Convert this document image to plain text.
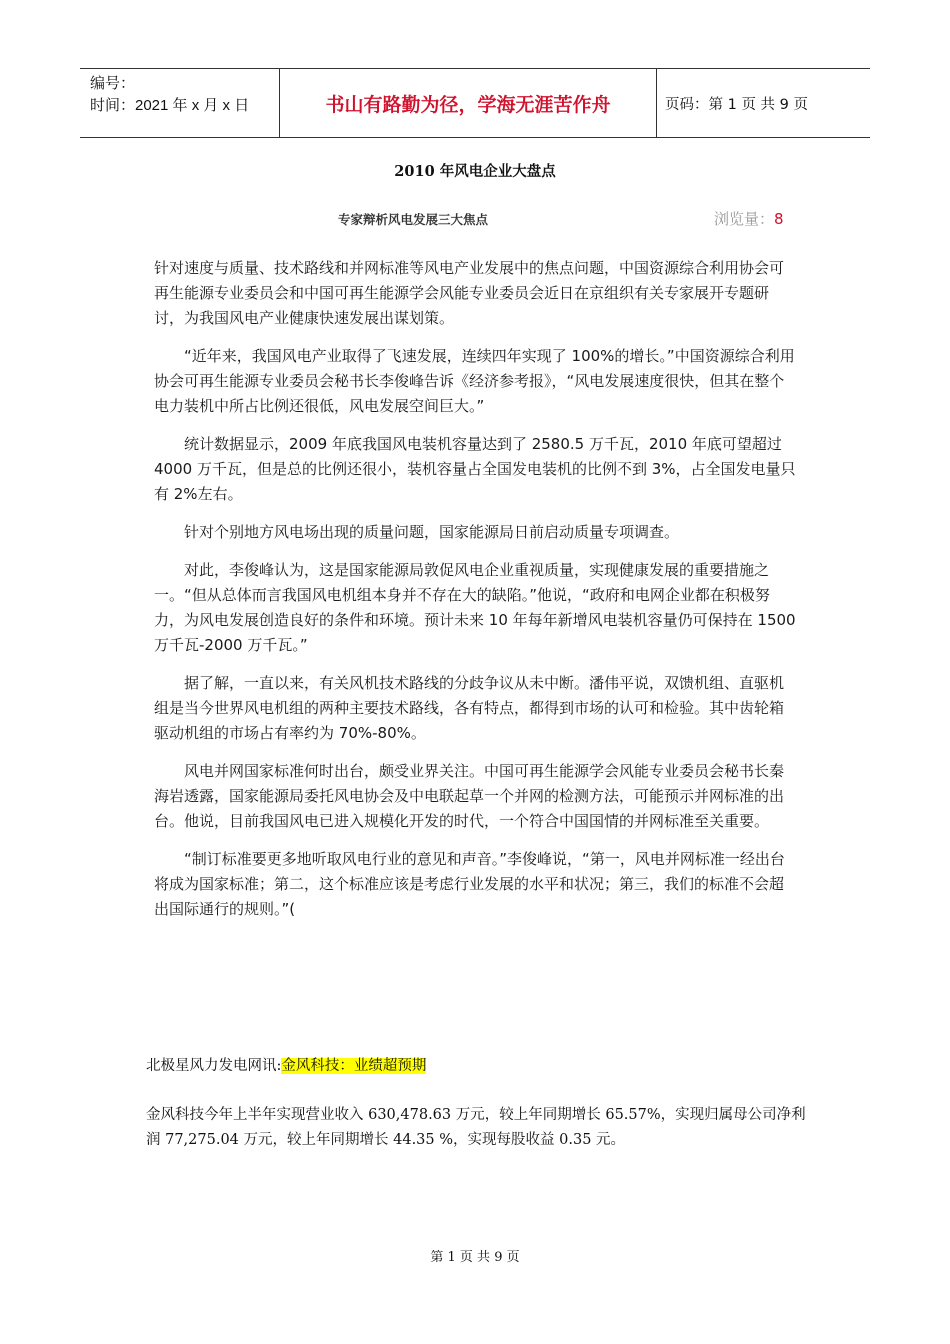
编号：
时间：2021 年 x 月 x 日	书山有路勤为径，学海无涯苦作舟	页码：第 1 页 共 9 页
2010 年风电企业大盘点
专家辩析风电发展三大焦点	浏览量：8

针对速度与质量、技术路线和并网标准等风电产业发展中的焦点问题，中国资源综合利用协会可再生能源专业委员会和中国可再生能源学会风能专业委员会近日在京组织有关专家展开专题研讨，为我国风电产业健康快速发展出谋划策。

“近年来，我国风电产业取得了飞速发展，连续四年实现了 100%的增长。”中国资源综合利用协会可再生能源专业委员会秘书长李俊峰告诉《经济参考报》，“风电发展速度很快，但其在整个电力装机中所占比例还很低，风电发展空间巨大。”

统计数据显示，2009 年底我国风电装机容量达到了 2580.5 万千瓦，2010 年底可望超过 4000 万千瓦，但是总的比例还很小，装机容量占全国发电装机的比例不到 3%，占全国发电量只有 2%左右。

针对个别地方风电场出现的质量问题，国家能源局日前启动质量专项调查。

对此，李俊峰认为，这是国家能源局敦促风电企业重视质量，实现健康发展的重要措施之一。“但从总体而言我国风电机组本身并不存在大的缺陷。”他说，“政府和电网企业都在积极努力，为风电发展创造良好的条件和环境。预计未来 10 年每年新增风电装机容量仍可保持在 1500 万千瓦-2000 万千瓦。”

据了解，一直以来，有关风机技术路线的分歧争议从未中断。潘伟平说，双馈机组、直驱机组是当今世界风电机组的两种主要技术路线，各有特点，都得到市场的认可和检验。其中齿轮箱驱动机组的市场占有率约为 70%-80%。

风电并网国家标准何时出台，颇受业界关注。中国可再生能源学会风能专业委员会秘书长秦海岩透露，国家能源局委托风电协会及中电联起草一个并网的检测方法，可能预示并网标准的出台。他说，目前我国风电已进入规模化开发的时代，一个符合中国国情的并网标准至关重要。

“制订标准要更多地听取风电行业的意见和声音。”李俊峰说，“第一，风电并网标准一经出台将成为国家标准；第二，这个标准应该是考虑行业发展的水平和状况；第三，我们的标准不会超出国际通行的规则。”(

北极星风力发电网讯:金风科技：业绩超预期
金风科技今年上半年实现营业收入 630,478.63 万元，较上年同期增长 65.57%，实现归属母公司净利润 77,275.04 万元，较上年同期增长 44.35 %，实现每股收益 0.35 元。
第 1 页 共 9 页
